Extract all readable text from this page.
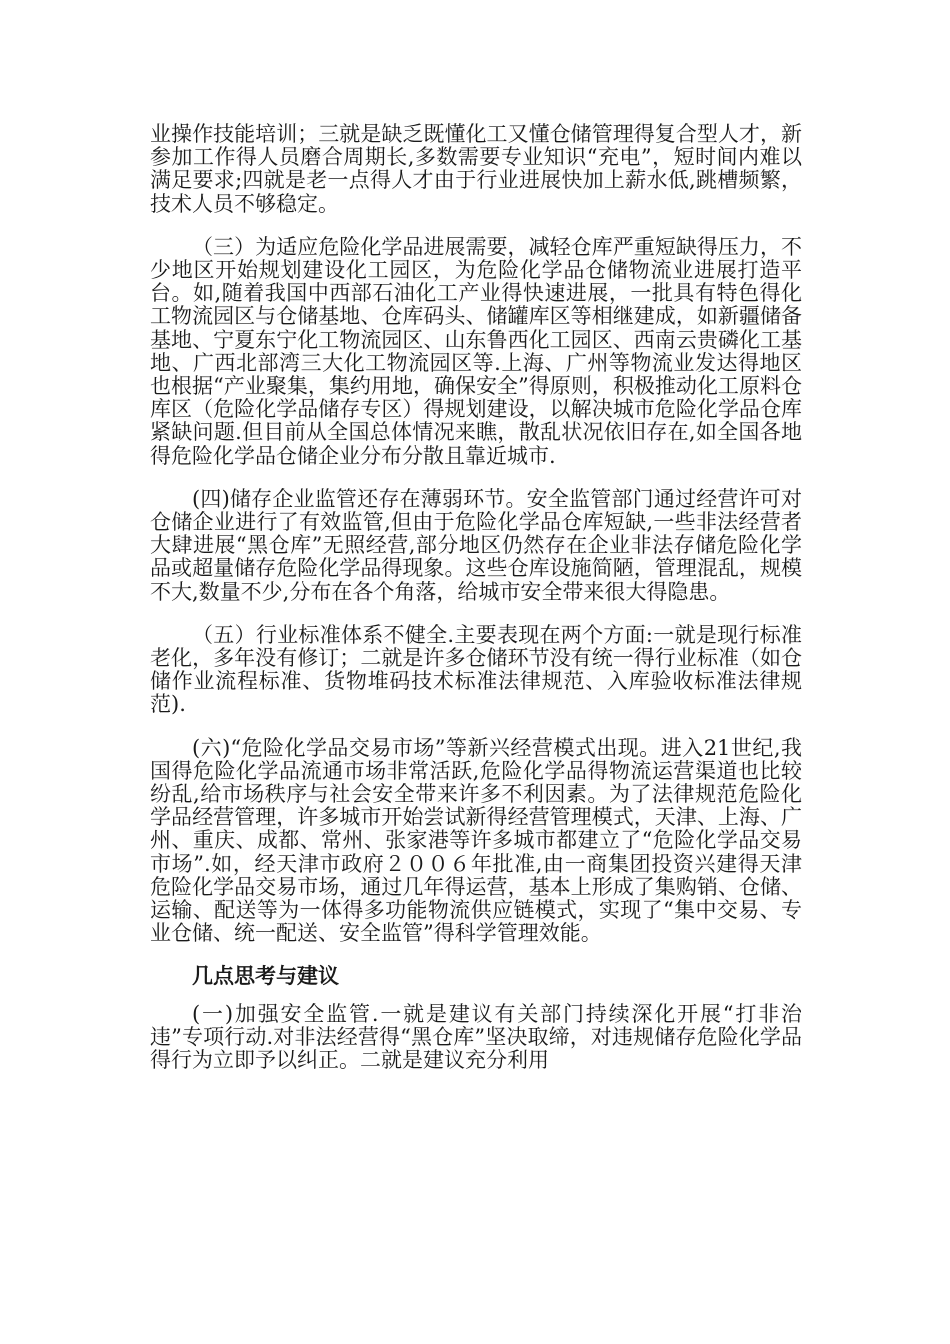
业操作技能培训；三就是缺乏既懂化工又懂仓储管理得复合型人才，新参加工作得人员磨合周期长,多数需要专业知识“充电”，短时间内难以满足要求;四就是老一点得人才由于行业进展快加上薪水低,跳槽频繁，技术人员不够稳定。

（三）为适应危险化学品进展需要，减轻仓库严重短缺得压力，不少地区开始规划建设化工园区，为危险化学品仓储物流业进展打造平台。如,随着我国中西部石油化工产业得快速进展，一批具有特色得化工物流园区与仓储基地、仓库码头、储罐库区等相继建成，如新疆储备基地、宁夏东宁化工物流园区、山东鲁西化工园区、西南云贵磷化工基地、广西北部湾三大化工物流园区等.上海、广州等物流业发达得地区也根据“产业聚集，集约用地，确保安全”得原则，积极推动化工原料仓库区（危险化学品储存专区）得规划建设，以解决城市危险化学品仓库紧缺问题.但目前从全国总体情况来瞧，散乱状况依旧存在,如全国各地得危险化学品仓储企业分布分散且靠近城市.

(四)储存企业监管还存在薄弱环节。安全监管部门通过经营许可对仓储企业进行了有效监管,但由于危险化学品仓库短缺,一些非法经营者大肆进展“黑仓库”无照经营,部分地区仍然存在企业非法存储危险化学品或超量储存危险化学品得现象。这些仓库设施简陋，管理混乱，规模不大,数量不少,分布在各个角落，给城市安全带来很大得隐患。

（五）行业标准体系不健全.主要表现在两个方面:一就是现行标准老化，多年没有修订；二就是许多仓储环节没有统一得行业标准（如仓储作业流程标准、货物堆码技术标准法律规范、入库验收标准法律规范).

(六)“危险化学品交易市场”等新兴经营模式出现。进入21世纪,我国得危险化学品流通市场非常活跃,危险化学品得物流运营渠道也比较纷乱,给市场秩序与社会安全带来许多不利因素。为了法律规范危险化学品经营管理，许多城市开始尝试新得经营管理模式，天津、上海、广州、重庆、成都、常州、张家港等许多城市都建立了“危险化学品交易市场”.如，经天津市政府２００６年批准,由一商集团投资兴建得天津危险化学品交易市场，通过几年得运营，基本上形成了集购销、仓储、运输、配送等为一体得多功能物流供应链模式，实现了“集中交易、专业仓储、统一配送、安全监管”得科学管理效能。

几点思考与建议

(一)加强安全监管.一就是建议有关部门持续深化开展“打非治违”专项行动.对非法经营得“黑仓库”坚决取缔，对违规储存危险化学品得行为立即予以纠正。二就是建议充分利用
